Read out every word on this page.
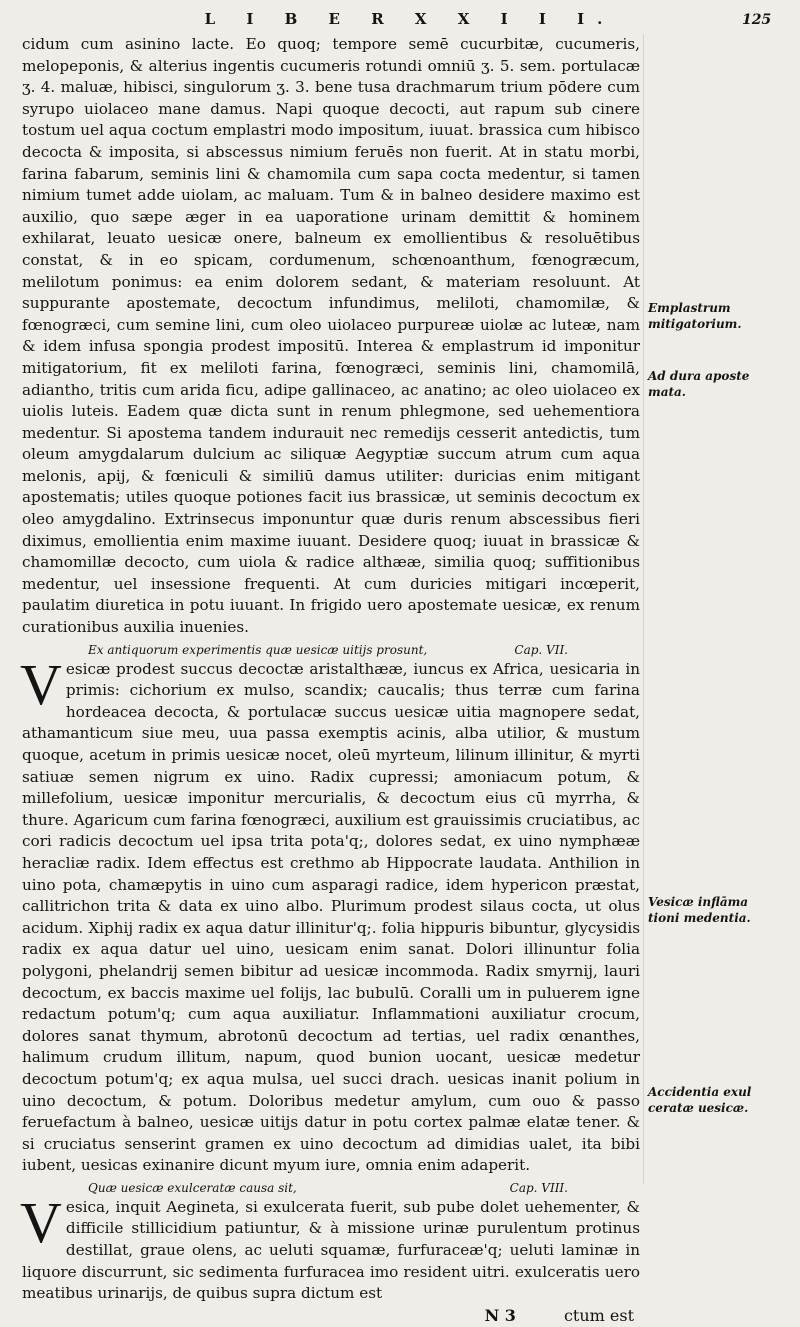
L I B E R X X I I I.	125

cidum cum asinino lacte. Eo quoq; tempore semē cucurbitæ, cucumeris, melopeponis, & alterius ingentis cucumeris rotundi omniū ʒ. 5. sem. portulacæ ʒ. 4. maluæ, hibisci, singulorum ʒ. 3. bene tusa drachmarum trium pōdere cum syrupo uiolaceo mane damus. Napi quoque decocti, aut rapum sub cinere tostum uel aqua coctum emplastri modo impositum, iuuat. brassica cum hibisco decocta & imposita, si abscessus nimium feruēs non fuerit. At in statu morbi, farina fabarum, seminis lini & chamomila cum sapa cocta medentur, si tamen nimium tumet adde uiolam, ac maluam. Tum & in balneo desidere maximo est auxilio, quo sæpe æger in ea uaporatione urinam demittit & hominem exhilarat, leuato uesicæ onere, balneum ex emollientibus & resoluētibus constat, & in eo spicam, cordumenum, schœnoanthum, fœnogræcum, melilotum ponimus: ea enim dolorem sedant, & materiam resoluunt. At suppurante apostemate, decoctum infundimus, meliloti, chamomilæ, & fœnogræci, cum semine lini, cum oleo uiolaceo purpureæ uiolæ ac luteæ, nam & idem infusa spongia prodest impositū. Interea & emplastrum id imponitur mitigatorium, fit ex meliloti farina, fœnogræci, seminis lini, chamomilā, adiantho, tritis cum arida ficu, adipe gallinaceo, ac anatino; ac oleo uiolaceo ex uiolis luteis. Eadem quæ dicta sunt in renum phlegmone, sed uehementiora medentur. Si apostema tandem indurauit nec remedijs cesserit antedictis, tum oleum amygdalarum dulcium ac siliquæ Aegyptiæ succum atrum cum aqua melonis, apij, & fœniculi & similiū damus utiliter: duricias enim mitigant apostematis; utiles quoque potiones facit ius brassicæ, ut seminis decoctum ex oleo amygdalino. Extrinsecus imponuntur quæ duris renum abscessibus fieri diximus, emollientia enim maxime iuuant. Desidere quoq; iuuat in brassicæ & chamomillæ decocto, cum uiola & radice althææ, similia quoq; suffitionibus medentur, uel insessione frequenti. At cum duricies mitigari incœperit, paulatim diuretica in potu iuuant. In frigido uero apostemate uesicæ, ex renum curationibus auxilia inuenies.

Ex antiquorum experimentis quæ uesicæ uitijs prosunt,	Cap. VII.

V esicæ prodest succus decoctæ aristalthææ, iuncus ex Africa, uesicaria in primis: cichorium ex mulso, scandix; caucalis; thus terræ cum farina hordeacea decocta, & portulacæ succus uesicæ uitia magnopere sedat, athamanticum siue meu, uua passa exemptis acinis, alba utilior, & mustum quoque, acetum in primis uesicæ nocet, oleū myrteum, lilinum illinitur, & myrti satiuæ semen nigrum ex uino. Radix cupressi; amoniacum potum, & millefolium, uesicæ imponitur mercurialis, & decoctum eius cū myrrha, & thure. Agaricum cum farina fœnogræci, auxilium est grauissimis cruciatibus, ac cori radicis decoctum uel ipsa trita pota'q;, dolores sedat, ex uino nymphææ heracliæ radix. Idem effectus est crethmo ab Hippocrate laudata. Anthilion in uino pota, chamæpytis in uino cum asparagi radice, idem hypericon præstat, callitrichon trita & data ex uino albo. Plurimum prodest silaus cocta, ut olus acidum. Xiphij radix ex aqua datur illinitur'q;. folia hippuris bibuntur, glycysidis radix ex aqua datur uel uino, uesicam enim sanat. Dolori illinuntur folia polygoni, phelandrij semen bibitur ad uesicæ incommoda. Radix smyrnij, lauri decoctum, ex baccis maxime uel folijs, lac bubulū. Coralli um in puluerem igne redactum potum'q; cum aqua auxiliatur. Inflammationi auxiliatur crocum, dolores sanat thymum, abrotonū decoctum ad tertias, uel radix œnanthes, halimum crudum illitum, napum, quod bunion uocant, uesicæ medetur decoctum potum'q; ex aqua mulsa, uel succi drach. uesicas inanit polium in uino decoctum, & potum. Doloribus medetur amylum, cum ouo & passo feruefactum à balneo, uesicæ uitijs datur in potu cortex palmæ elatæ tener. & si cruciatus senserint gramen ex uino decoctum ad dimidias ualet, ita bibi iubent, uesicas exinanire dicunt myum iure, omnia enim adaperit.

Quæ uesicæ exulceratæ causa sit,	Cap. VIII.

V esica, inquit Aegineta, si exulcerata fuerit, sub pube dolet uehementer, & difficile stillicidium patiuntur, & à missione urinæ purulentum protinus destillat, graue olens, ac ueluti squamæ, furfuraceæ'q; ueluti laminæ in liquore discurrunt, sic sedimenta furfuracea imo resident uitri. exulceratis uero meatibus urinarijs, de quibus supra dictum est

N 3	ctum est
Emplastrum
mitigatorium.
Ad dura aposte
mata.
Vesicæ inflāma
tioni medentia.
Accidentia exul
ceratæ uesicæ.
